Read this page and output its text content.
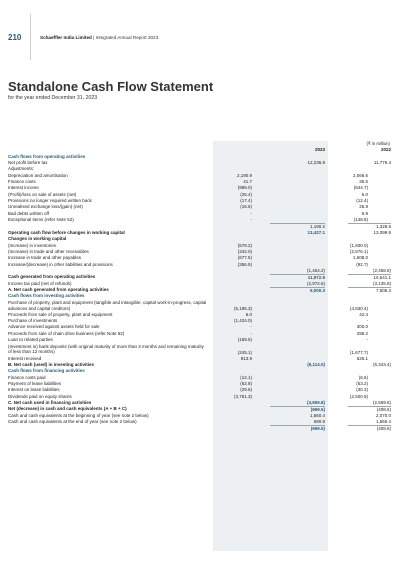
210	Schaeffler India Limited | Integrated Annual Report 2023
Standalone Cash Flow Statement
for the year ended December 31, 2023
(₹ in million)
2023	2022
Cash flows from operating activities
Net profit before tax	12,236.9	11,776.4
Adjustments:
Depreciation and amortisation	2,190.9	2,066.6
Finance costs	41.7	35.5
Interest income	(989.0)	(644.7)
(Profit)/loss on sale of assets (net)	(25.4)	6.0
Provisions no longer required written back	(17.4)	(12.4)
Unrealised exchange loss/(gain) (net)	(16.6)	25.9
Bad debts written off	-	5.9
Exceptional items (refer Note 52)	-	(148.8)
1,190.2	1,328.5
Operating cash flow before changes in working capital	13,427.1	13,099.9
Changes in working capital
(Increase) in inventories	(678.2)	(1,600.0)
(Increase) in trade and other receivables	(342.0)	(2,576.1)
Increase in trade and other payables	(677.5)	1,608.0
Increase/(decrease) in other liabilities and provisions	(356.5)	(92.7)
(1,454.2)	(2,458.8)
Cash generated from operating activities	11,972.9	10,641.1
Income tax paid (net of refunds)	(2,972.6)	(3,135.8)
A. Net cash generated from operating activities	9,000.3	7,505.3
Cash flows from investing activities
Purchase of property, plant and equipment (tangible and intangible, capital work-in-progress, capital advances and capital creditors)	(5,195.3)	(4,830.4)
Proceeds from sale of property, plant and equipment	6.0	42.4
Purchase of investments	(1,424.0)	-
Advance received against assets held for sale	-	300.0
Proceeds from sale of chain drive business (refer Note 52)	-	296.2
Loan to related parties	(169.5)	-
(Investment in) bank deposits (with original maturity of more than 3 months and remaining maturity of less than 12 months)	(245.1)	(1,677.7)
Interest received	913.9	526.1
B. Net cash (used) in investing activities	(6,114.0)	(5,343.4)
Cash flows from financing activities
Finance costs paid	(12.1)	(6.6)
Payment of lease liabilities	(62.8)	(53.2)
Interest on lease liabilities	(29.6)	(30.3)
Dividends paid on equity shares	(3,751.3)	(2,500.8)
C. Net cash used in financing activities	(3,855.8)	(2,569.5)
Net (decrease) in cash and cash equivalents (A + B + C)	(969.5)	(408.6)
Cash and cash equivalents at the beginning of year (see note 2 below)	1,660.4	2,070.0
Cash and cash equivalents at the end of year (see note 2 below)	690.9	1,660.4
(969.5)	(408.6)
